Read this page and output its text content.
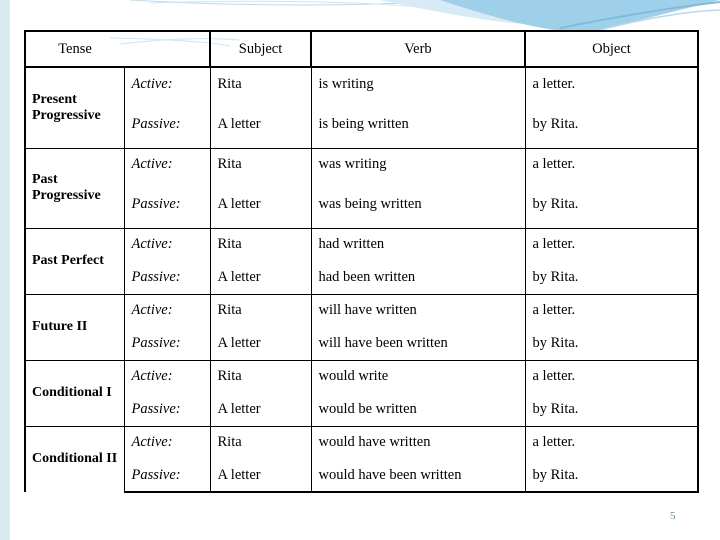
Tense		Subject	Verb	Object
Present Progressive	Active:	Rita	is writing	a letter.
	Passive:	A letter	is being written	by Rita.
Past Progressive	Active:	Rita	was writing	a letter.
	Passive:	A letter	was being written	by Rita.
Past Perfect	Active:	Rita	had written	a letter.
	Passive:	A letter	had been written	by Rita.
Future II	Active:	Rita	will have written	a letter.
	Passive:	A letter	will have been written	by Rita.
Conditional I	Active:	Rita	would write	a letter.
	Passive:	A letter	would be written	by Rita.
Conditional II	Active:	Rita	would have written	a letter.
	Passive:	A letter	would have been written	by Rita.
5
